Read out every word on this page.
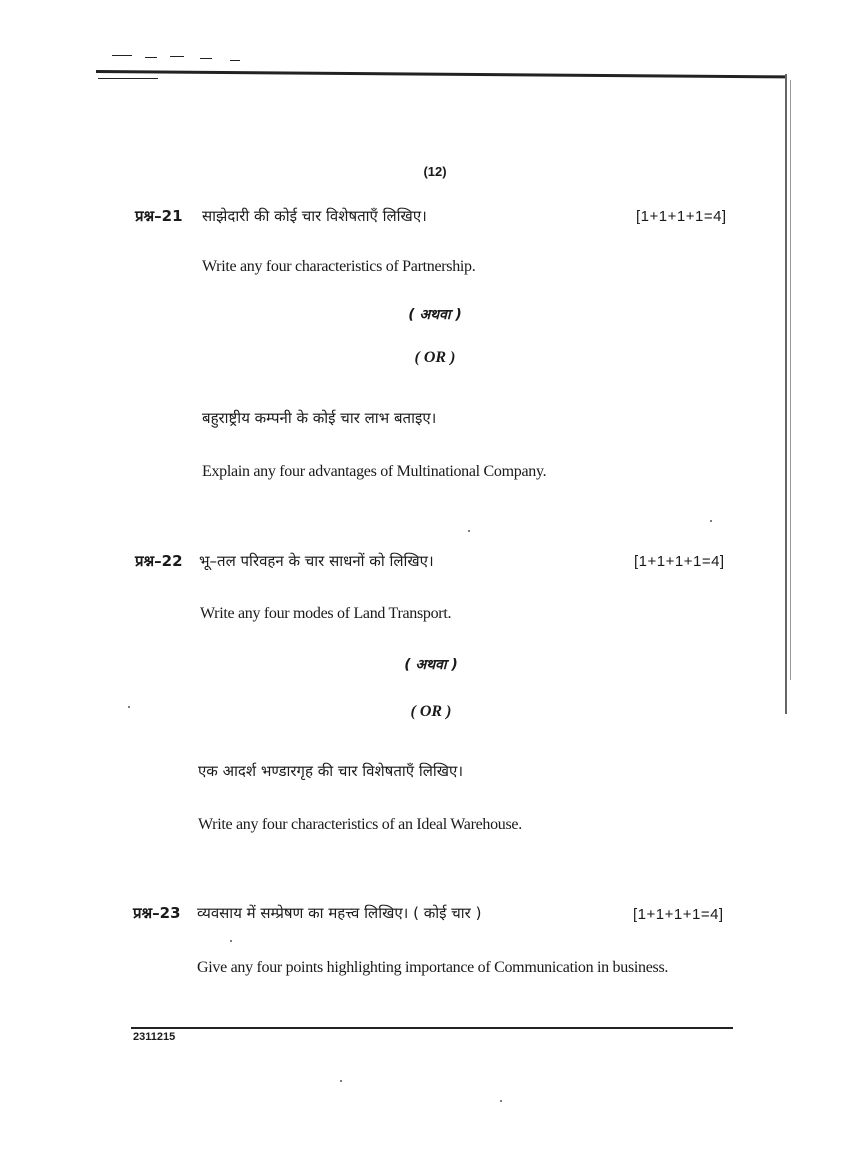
(12)
प्रश्न–21 साझेदारी की कोई चार विशेषताएँ लिखिए।	[1+1+1+1=4]
Write any four characteristics of Partnership.
( अथवा )
( OR )
बहुराष्ट्रीय कम्पनी के कोई चार लाभ बताइए।
Explain any four advantages of Multinational Company.
प्रश्न–22 भू–तल परिवहन के चार साधनों को लिखिए।	[1+1+1+1=4]
Write any four modes of Land Transport.
( अथवा )
( OR )
एक आदर्श भण्डारगृह की चार विशेषताएँ लिखिए।
Write any four characteristics of an Ideal Warehouse.
प्रश्न–23 व्यवसाय में सम्प्रेषण का महत्त्व लिखिए। ( कोई चार )	[1+1+1+1=4]
Give any four points highlighting importance of Communication in business.
2311215
